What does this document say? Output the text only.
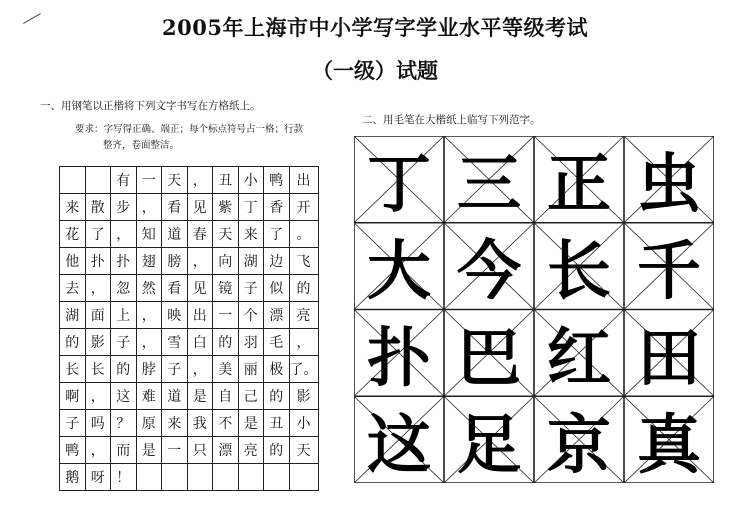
2005年上海市中小学写字学业水平等级考试
（一级）试题
一、用钢笔以正楷将下列文字书写在方格纸上。
要求：字写得正确、端正；每个标点符号占一格；行款
整齐，卷面整洁。
		有	一	天	，	丑	小	鸭	出
来	散	步	，	看	见	紫	丁	香	开
花	了	，	知	道	春	天	来	了	。
他	扑	扑	翅	膀	，	向	湖	边	飞
去	，	忽	然	看	见	镜	子	似	的
湖	面	上	，	映	出	一	个	漂	亮
的	影	子	，	雪	白	的	羽	毛	，
长	长	的	脖	子	，	美	丽	极	了。
啊	，	这	难	道	是	自	己	的	影
子	吗	？	原	来	我	不	是	丑	小
鸭	，	而	是	一	只	漂	亮	的	天
鹅	呀	！							
二、用毛笔在大楷纸上临写下列范字。
丁 三 正 虫
大 今 长 千
扑 巴 红 田
这 足 京 真
